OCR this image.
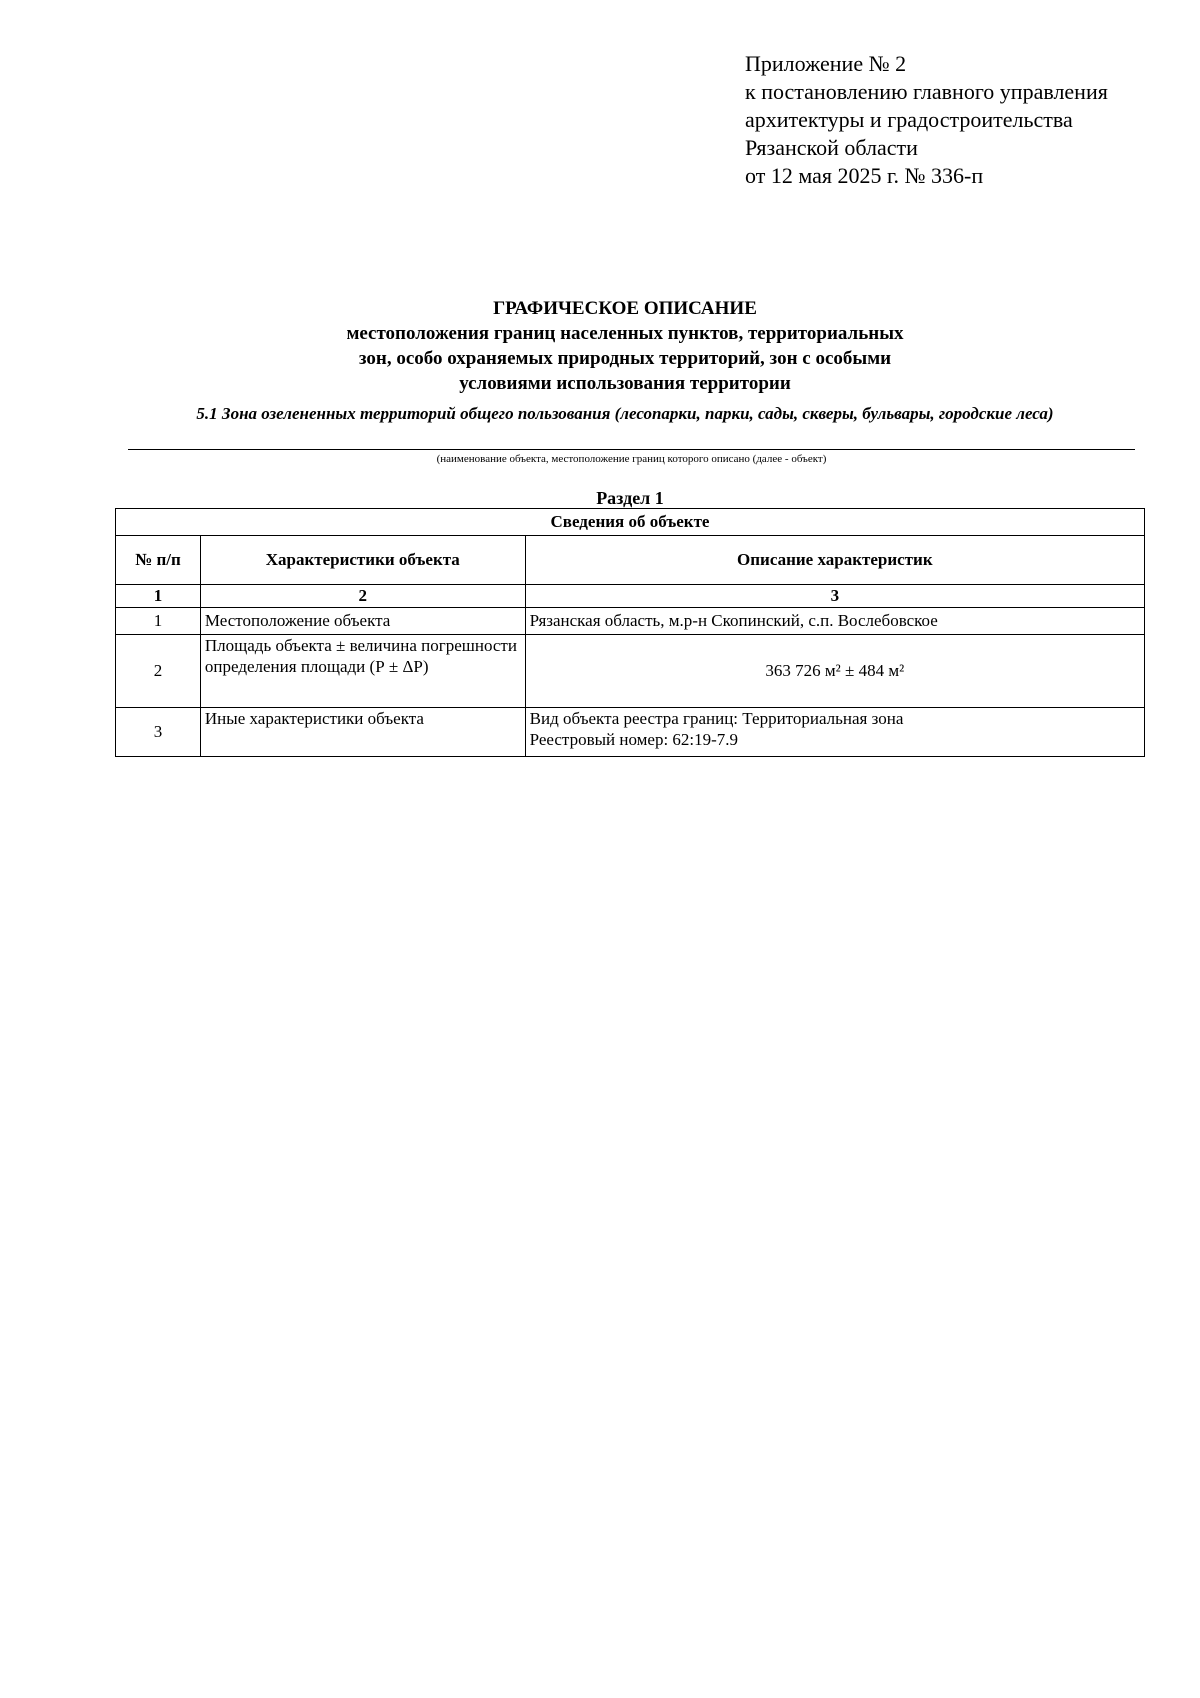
Приложение № 2
к постановлению главного управления
архитектуры и градостроительства
Рязанской области
от 12 мая 2025 г. № 336-п
ГРАФИЧЕСКОЕ ОПИСАНИЕ
местоположения границ населенных пунктов, территориальных
зон, особо охраняемых природных территорий, зон с особыми
условиями использования территории
5.1 Зона озелененных территорий общего пользования (лесопарки, парки, сады, скверы, бульвары, городские леса)
(наименование объекта, местоположение границ которого описано (далее - объект)
Раздел 1
Сведения об объекте		
№ п/п	Характеристики объекта	Описание характеристик
1	2	3
1	Местоположение объекта	Рязанская область, м.р-н Скопинский, с.п. Вослебовское
2	Площадь объекта ± величина погрешности определения площади (Р ± ΔР)	363 726 м² ± 484 м²
3	Иные характеристики объекта	Вид объекта реестра границ: Территориальная зона
Реестровый номер: 62:19-7.9
